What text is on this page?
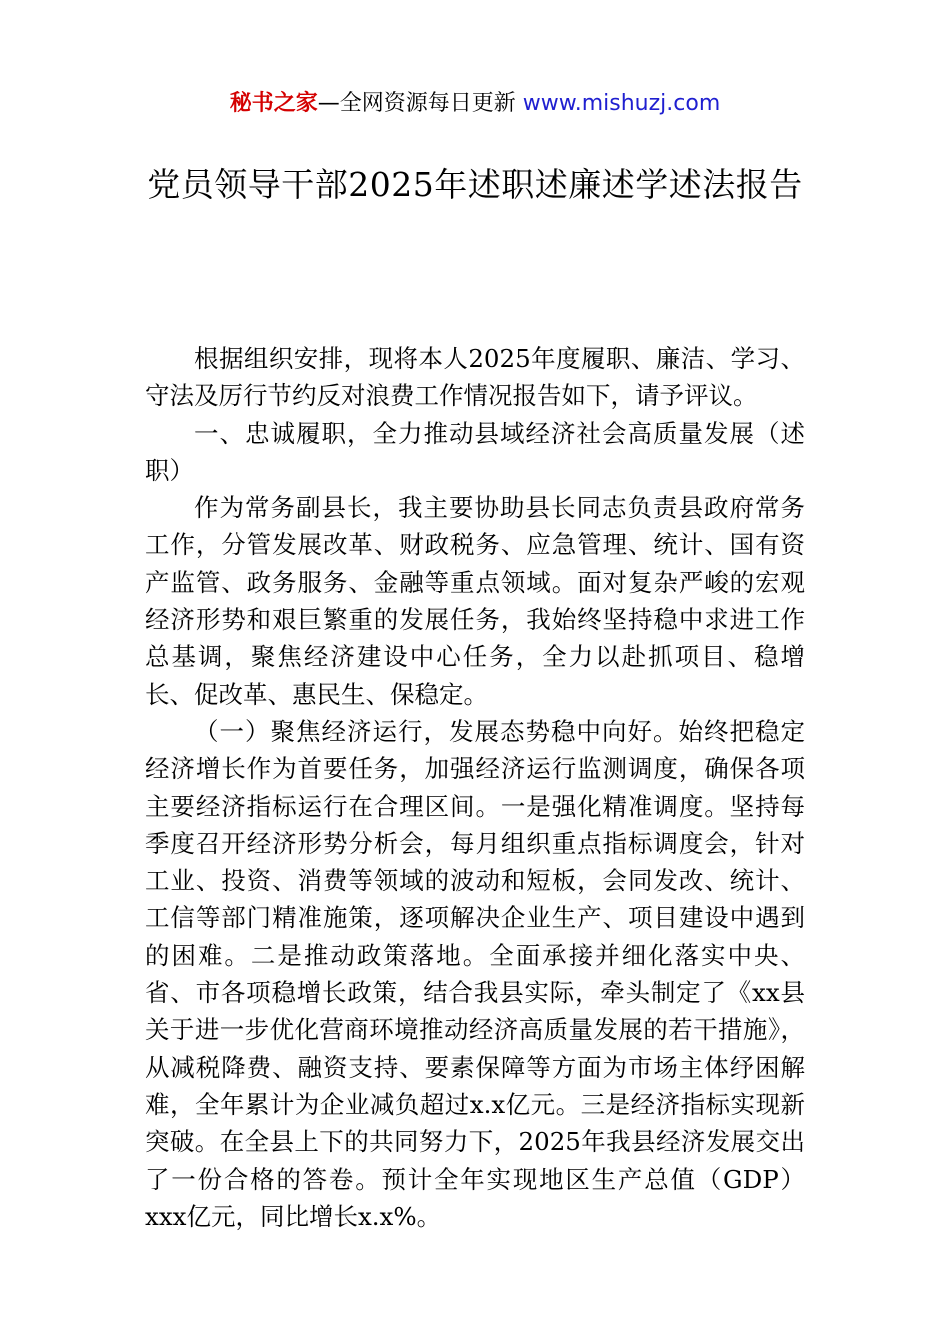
秘书之家—全网资源每日更新 www.mishuzj.com
党员领导干部2025年述职述廉述学述法报告

根据组织安排，现将本人2025年度履职、廉洁、学习、守法及厉行节约反对浪费工作情况报告如下，请予评议。

一、忠诚履职，全力推动县域经济社会高质量发展（述职）

作为常务副县长，我主要协助县长同志负责县政府常务工作，分管发展改革、财政税务、应急管理、统计、国有资产监管、政务服务、金融等重点领域。面对复杂严峻的宏观经济形势和艰巨繁重的发展任务，我始终坚持稳中求进工作总基调，聚焦经济建设中心任务，全力以赴抓项目、稳增长、促改革、惠民生、保稳定。

（一）聚焦经济运行，发展态势稳中向好。始终把稳定经济增长作为首要任务，加强经济运行监测调度，确保各项主要经济指标运行在合理区间。一是强化精准调度。坚持每季度召开经济形势分析会，每月组织重点指标调度会，针对工业、投资、消费等领域的波动和短板，会同发改、统计、工信等部门精准施策，逐项解决企业生产、项目建设中遇到的困难。二是推动政策落地。全面承接并细化落实中央、省、市各项稳增长政策，结合我县实际，牵头制定了《xx县关于进一步优化营商环境推动经济高质量发展的若干措施》，从减税降费、融资支持、要素保障等方面为市场主体纾困解难，全年累计为企业减负超过x.x亿元。三是经济指标实现新突破。在全县上下的共同努力下，2025年我县经济发展交出了一份合格的答卷。预计全年实现地区生产总值（GDP）xxx亿元，同比增长x.x%。
